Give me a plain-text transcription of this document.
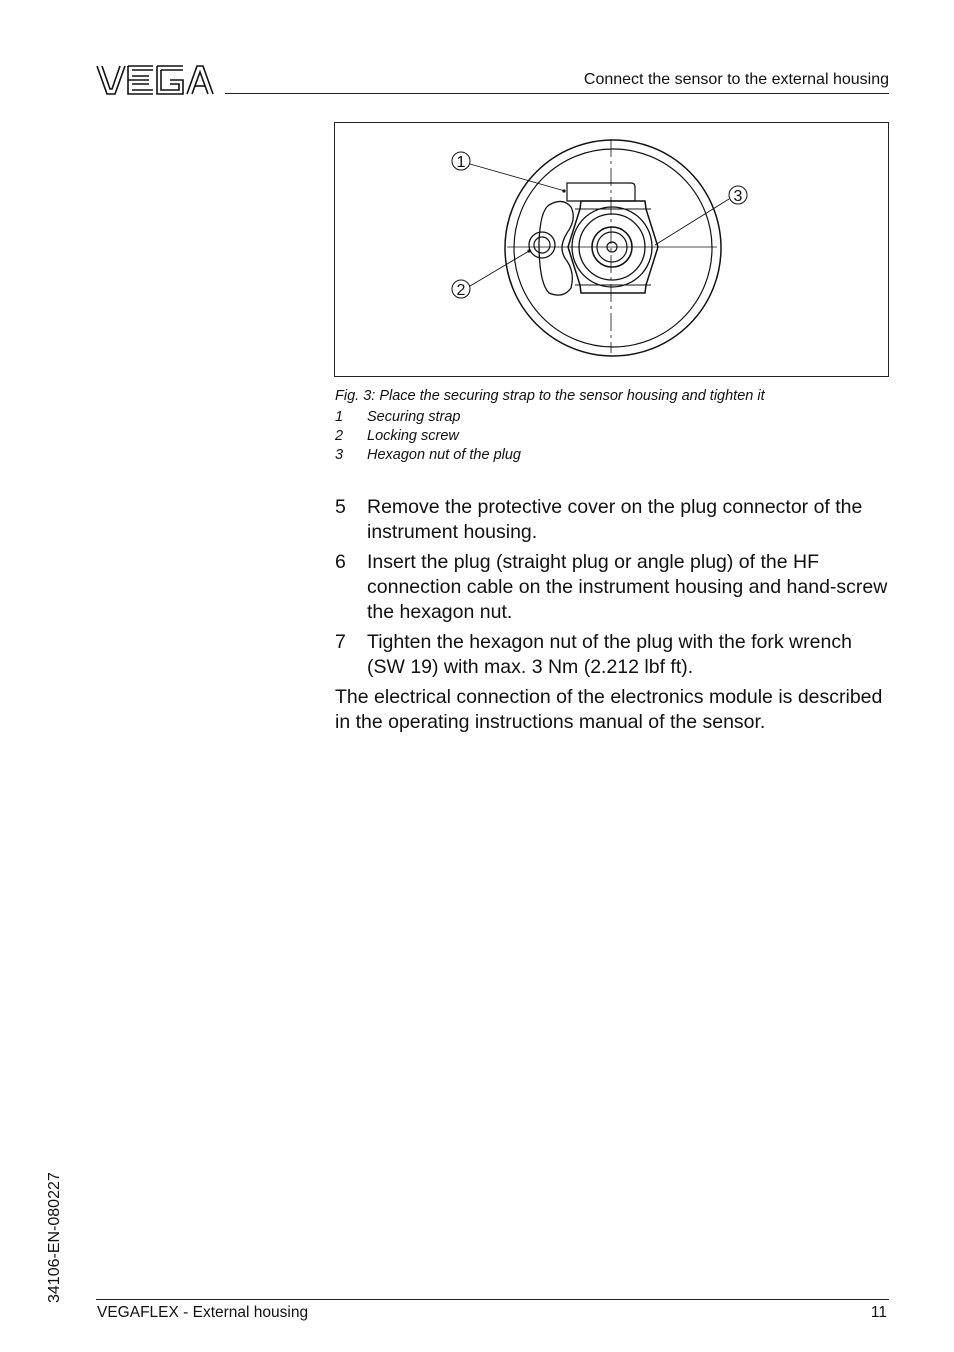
Connect the sensor to the external housing
1
2
3
Fig. 3: Place the securing strap to the sensor housing and tighten it
1 Securing strap
2 Locking screw
3 Hexagon nut of the plug
5	Remove the protective cover on the plug connector of the instrument housing.
6	Insert the plug (straight plug or angle plug) of the HF connection cable on the instrument housing and hand-screw the hexagon nut.
7	Tighten the hexagon nut of the plug with the fork wrench (SW 19) with max. 3 Nm (2.212 lbf ft).
The electrical connection of the electronics module is described in the operating instructions manual of the sensor.
34106-EN-080227
VEGAFLEX - External housing	11
